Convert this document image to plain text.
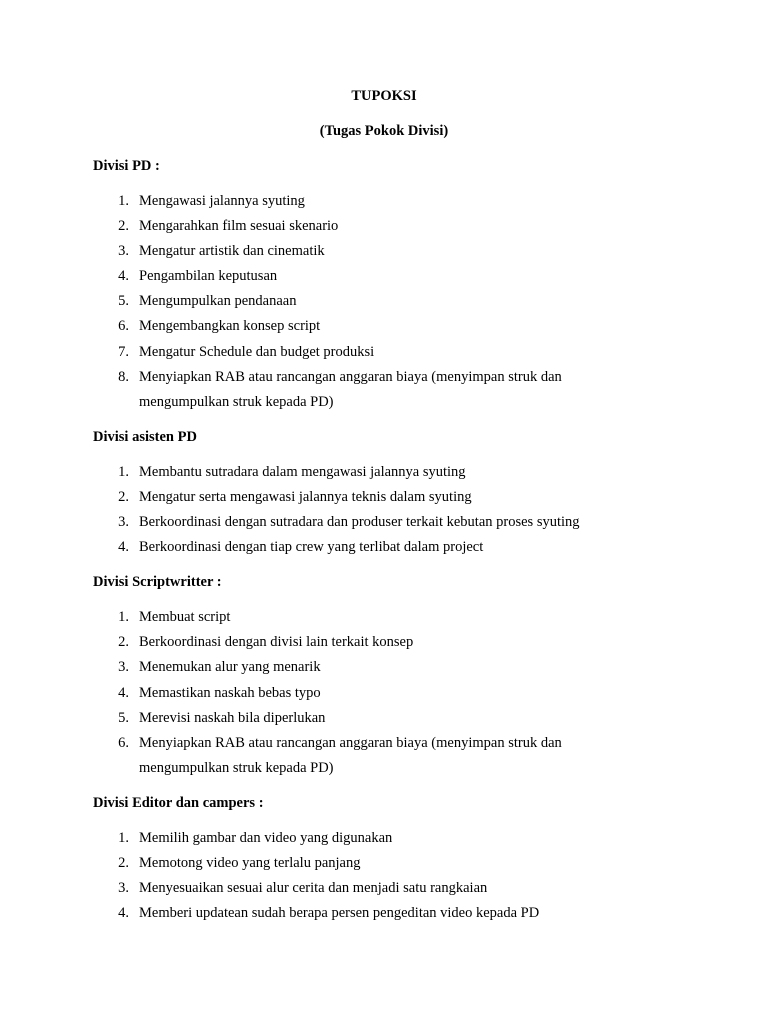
TUPOKSI
(Tugas Pokok Divisi)
Divisi PD :
1. Mengawasi jalannya syuting
2. Mengarahkan film sesuai skenario
3. Mengatur artistik dan cinematik
4. Pengambilan keputusan
5. Mengumpulkan pendanaan
6. Mengembangkan konsep script
7. Mengatur Schedule dan budget produksi
8. Menyiapkan RAB atau rancangan anggaran biaya (menyimpan struk dan
mengumpulkan struk kepada PD)
Divisi asisten PD
1. Membantu sutradara dalam mengawasi jalannya syuting
2. Mengatur serta mengawasi jalannya teknis dalam syuting
3. Berkoordinasi dengan sutradara dan produser terkait kebutan proses syuting
4. Berkoordinasi dengan tiap crew yang terlibat dalam project
Divisi Scriptwritter :
1. Membuat script
2. Berkoordinasi dengan divisi lain terkait konsep
3. Menemukan alur yang menarik
4. Memastikan naskah bebas typo
5. Merevisi naskah bila diperlukan
6. Menyiapkan RAB atau rancangan anggaran biaya (menyimpan struk dan
mengumpulkan struk kepada PD)
Divisi Editor dan campers :
1. Memilih gambar dan video yang digunakan
2. Memotong video yang terlalu panjang
3. Menyesuaikan sesuai alur cerita dan menjadi satu rangkaian
4. Memberi updatean sudah berapa persen pengeditan video kepada PD
